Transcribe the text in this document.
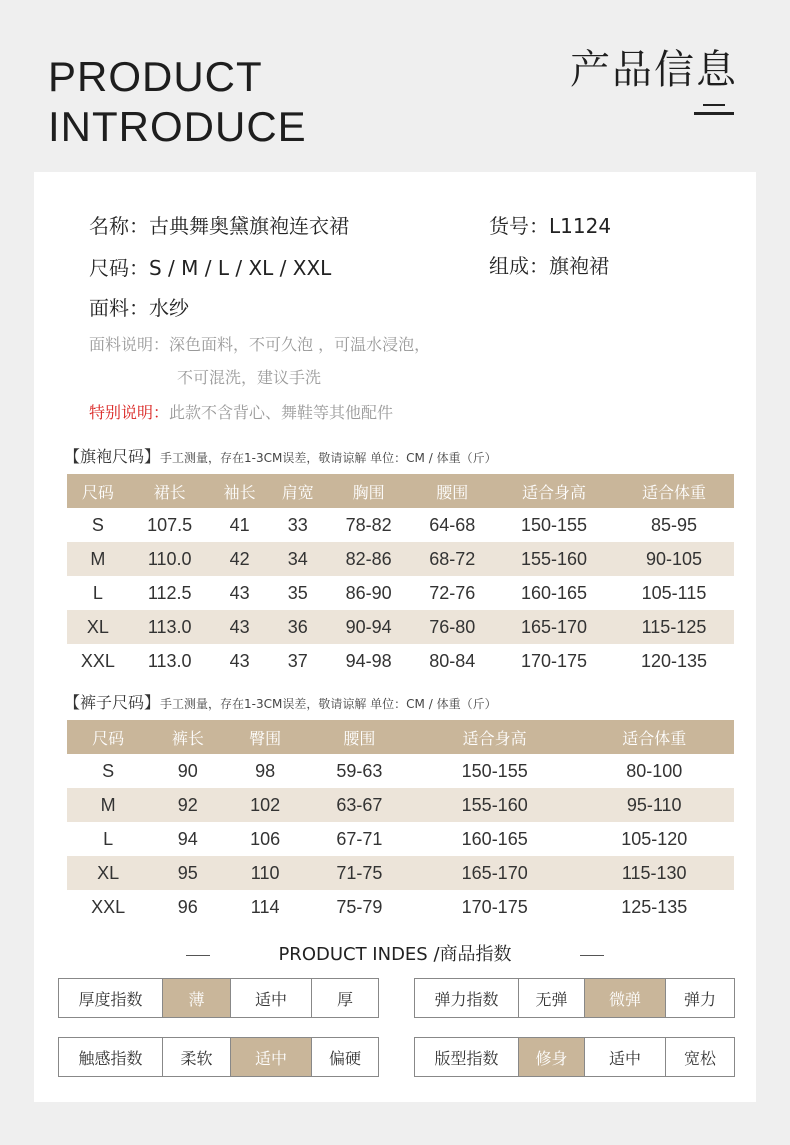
PRODUCT
INTRODUCE
产品信息
名称：古典舞奥黛旗袍连衣裙	货号：L1124
尺码：S / M / L / XL / XXL	组成：旗袍裙
面料：水纱
面料说明：深色面料，不可久泡 ，可温水浸泡，
不可混洗，建议手洗
特别说明：此款不含背心、舞鞋等其他配件
【旗袍尺码】手工测量，存在1-3CM误差，敬请谅解 单位：CM / 体重（斤）
尺码	裙长	袖长	肩宽	胸围	腰围	适合身高	适合体重
S	107.5	41	33	78-82	64-68	150-155	85-95
M	110.0	42	34	82-86	68-72	155-160	90-105
L	112.5	43	35	86-90	72-76	160-165	105-115
XL	113.0	43	36	90-94	76-80	165-170	115-125
XXL	113.0	43	37	94-98	80-84	170-175	120-135
【裤子尺码】手工测量，存在1-3CM误差，敬请谅解 单位：CM / 体重（斤）
尺码	裤长	臀围	腰围	适合身高	适合体重
S	90	98	59-63	150-155	80-100
M	92	102	63-67	155-160	95-110
L	94	106	67-71	160-165	105-120
XL	95	110	71-75	165-170	115-130
XXL	96	114	75-79	170-175	125-135
PRODUCT INDES /商品指数
厚度指数	薄	适中	厚	弹力指数	无弹	微弹	弹力
触感指数	柔软	适中	偏硬	版型指数	修身	适中	宽松
